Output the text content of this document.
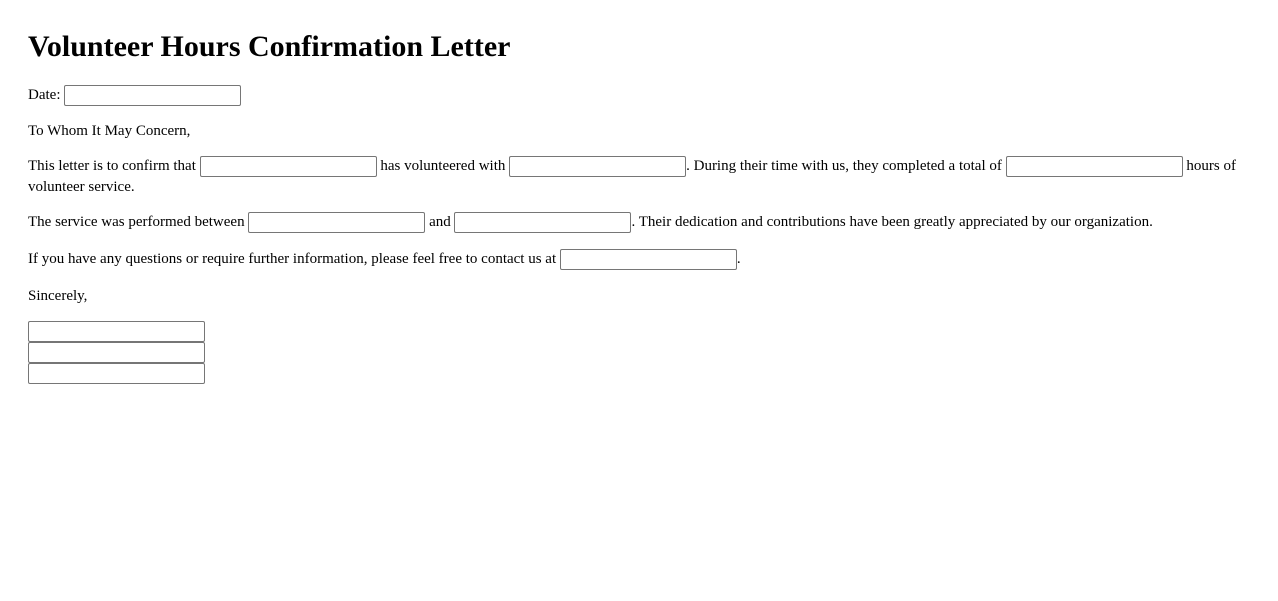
Volunteer Hours Confirmation Letter

Date:

To Whom It May Concern,

This letter is to confirm that	has volunteered with	. During their time with us, they completed a total of	hours of volunteer service.

The service was performed between	and	. Their dedication and contributions have been greatly appreciated by our organization.

If you have any questions or require further information, please feel free to contact us at	.

Sincerely,
